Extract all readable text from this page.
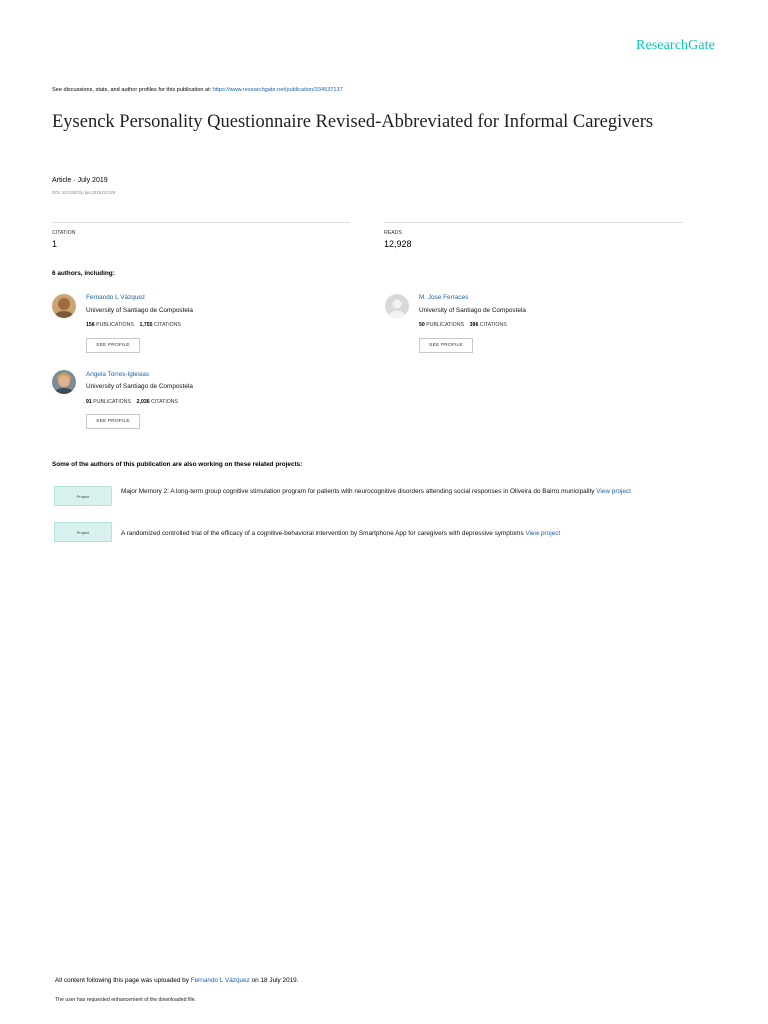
ResearchGate
See discussions, stats, and author profiles for this publication at: https://www.researchgate.net/publication/334537137
Eysenck Personality Questionnaire Revised-Abbreviated for Informal Caregivers
Article · July 2019
DOI: 10.23923/j.rips.2019.02.028
CITATION
1
READS
12,928
6 authors, including:
Fernando L Vázquez
University of Santiago de Compostela
156 PUBLICATIONS 1,755 CITATIONS
SEE PROFILE
M. Jose Ferraces
University of Santiago de Compostela
50 PUBLICATIONS 396 CITATIONS
SEE PROFILE
Angela Torres-Iglesias
University of Santiago de Compostela
91 PUBLICATIONS 2,036 CITATIONS
SEE PROFILE
Some of the authors of this publication are also working on these related projects:
Project
Major Memory 2: A long-term group cognitive stimulation program for patients with neurocognitive disorders attending social responses in Oliveira do Bairro municipality View project
Project	A randomized controlled trial of the efficacy of a cognitive-behavioral intervention by Smartphone App for caregivers with depressive symptoms View project
All content following this page was uploaded by Fernando L Vázquez on 18 July 2019.
The user has requested enhancement of the downloaded file.
